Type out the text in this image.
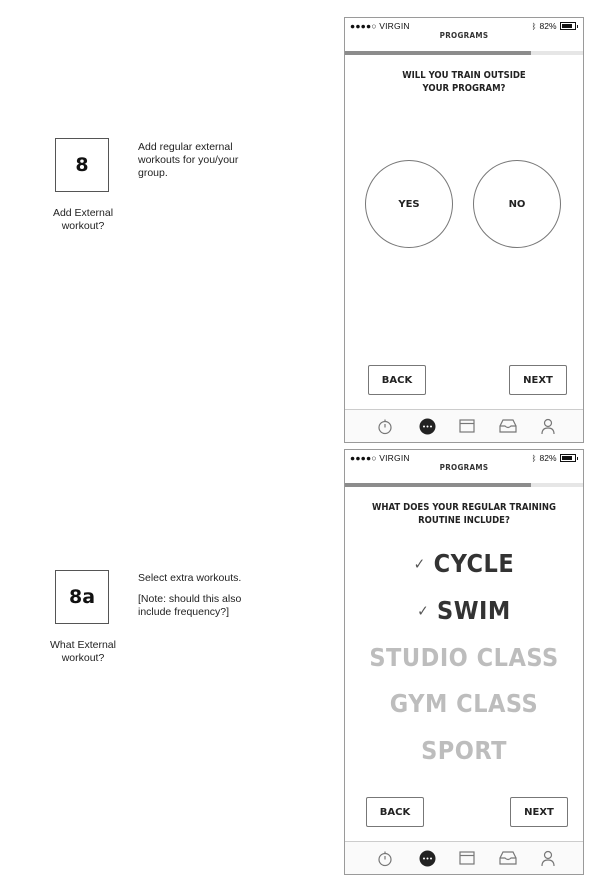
8
Add External workout?

Add regular external workouts for you/your group.

8a
What External workout?

Select extra workouts.

[Note: should this also include frequency?]

●●●●○ VIRGIN	ᛒ 82%
PROGRAMS
WILL YOU TRAIN OUTSIDE
YOUR PROGRAM?
YES	NO
BACK	NEXT
●●●●○ VIRGIN	ᛒ 82%
PROGRAMS
WHAT DOES YOUR REGULAR TRAINING
ROUTINE INCLUDE?
✓ CYCLE
✓ SWIM
STUDIO CLASS
GYM CLASS
SPORT
BACK	NEXT
